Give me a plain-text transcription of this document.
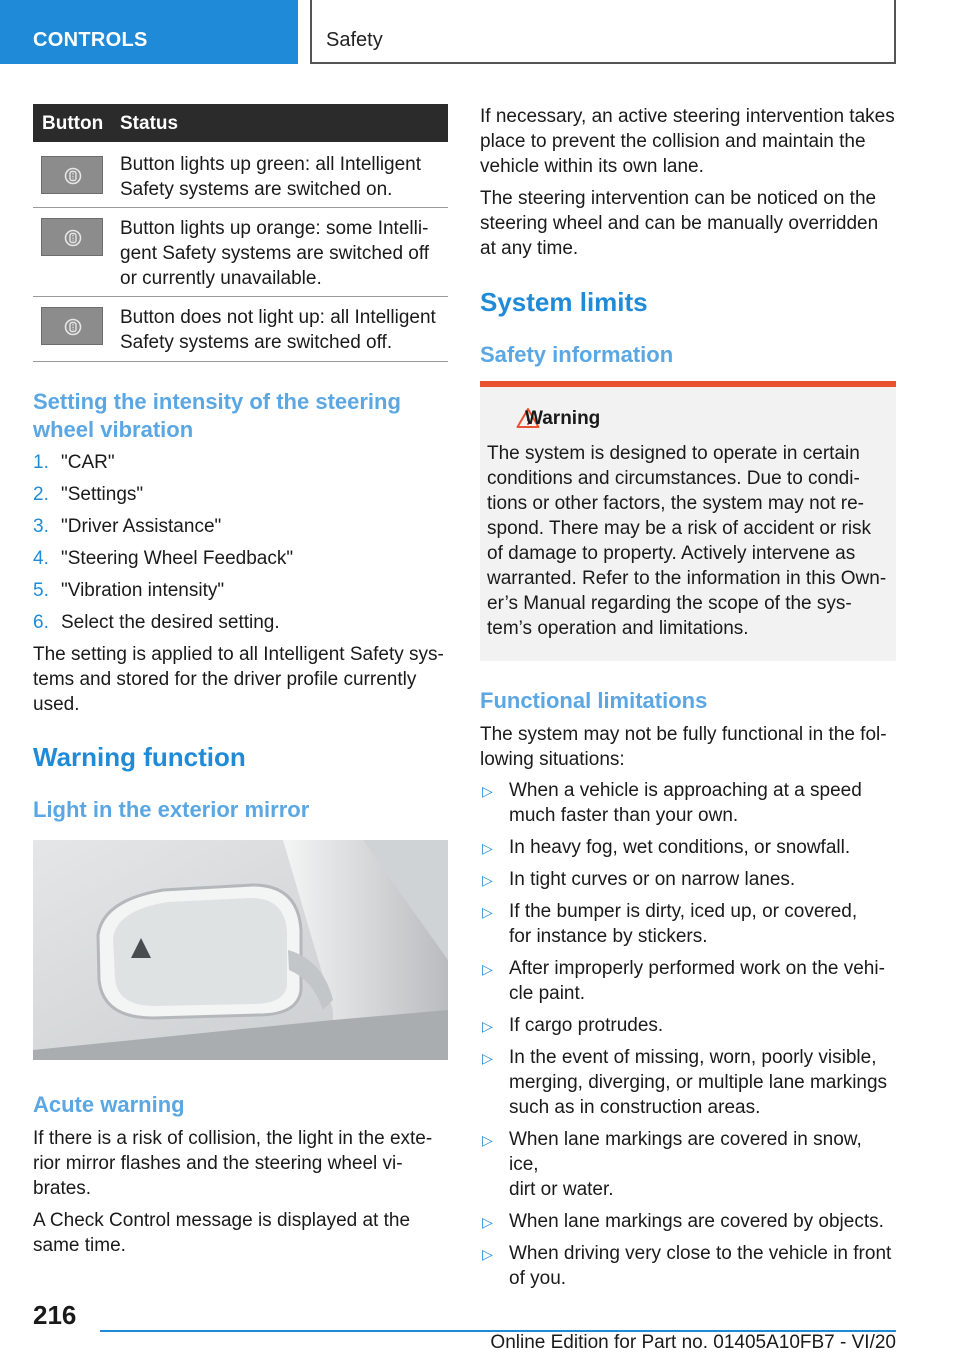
CONTROLS	Safety
Button Status
Button lights up green: all Intelligent
Safety systems are switched on.
Button lights up orange: some Intelli-
gent Safety systems are switched off
or currently unavailable.
Button does not light up: all Intelligent
Safety systems are switched off.
Setting the intensity of the steering
wheel vibration
1. "CAR"
2. "Settings"
3. "Driver Assistance"
4. "Steering Wheel Feedback"
5. "Vibration intensity"
6. Select the desired setting.
The setting is applied to all Intelligent Safety sys-
tems and stored for the driver profile currently
used.
Warning function
Light in the exterior mirror
Acute warning
If there is a risk of collision, the light in the exte-
rior mirror flashes and the steering wheel vi-
brates.
A Check Control message is displayed at the
same time.
If necessary, an active steering intervention takes
place to prevent the collision and maintain the
vehicle within its own lane.
The steering intervention can be noticed on the
steering wheel and can be manually overridden
at any time.
System limits
Safety information
Warning
The system is designed to operate in certain
conditions and circumstances. Due to condi-
tions or other factors, the system may not re-
spond. There may be a risk of accident or risk
of damage to property. Actively intervene as
warranted. Refer to the information in this Own-
er’s Manual regarding the scope of the sys-
tem’s operation and limitations.
Functional limitations
The system may not be fully functional in the fol-
lowing situations:
▷ When a vehicle is approaching at a speed
much faster than your own.
▷ In heavy fog, wet conditions, or snowfall.
▷ In tight curves or on narrow lanes.
▷ If the bumper is dirty, iced up, or covered,
for instance by stickers.
▷ After improperly performed work on the vehi-
cle paint.
▷ If cargo protrudes.
▷ In the event of missing, worn, poorly visible,
merging, diverging, or multiple lane markings
such as in construction areas.
▷ When lane markings are covered in snow, ice,
dirt or water.
▷ When lane markings are covered by objects.
▷ When driving very close to the vehicle in front
of you.
216
Online Edition for Part no. 01405A10FB7 - VI/20
